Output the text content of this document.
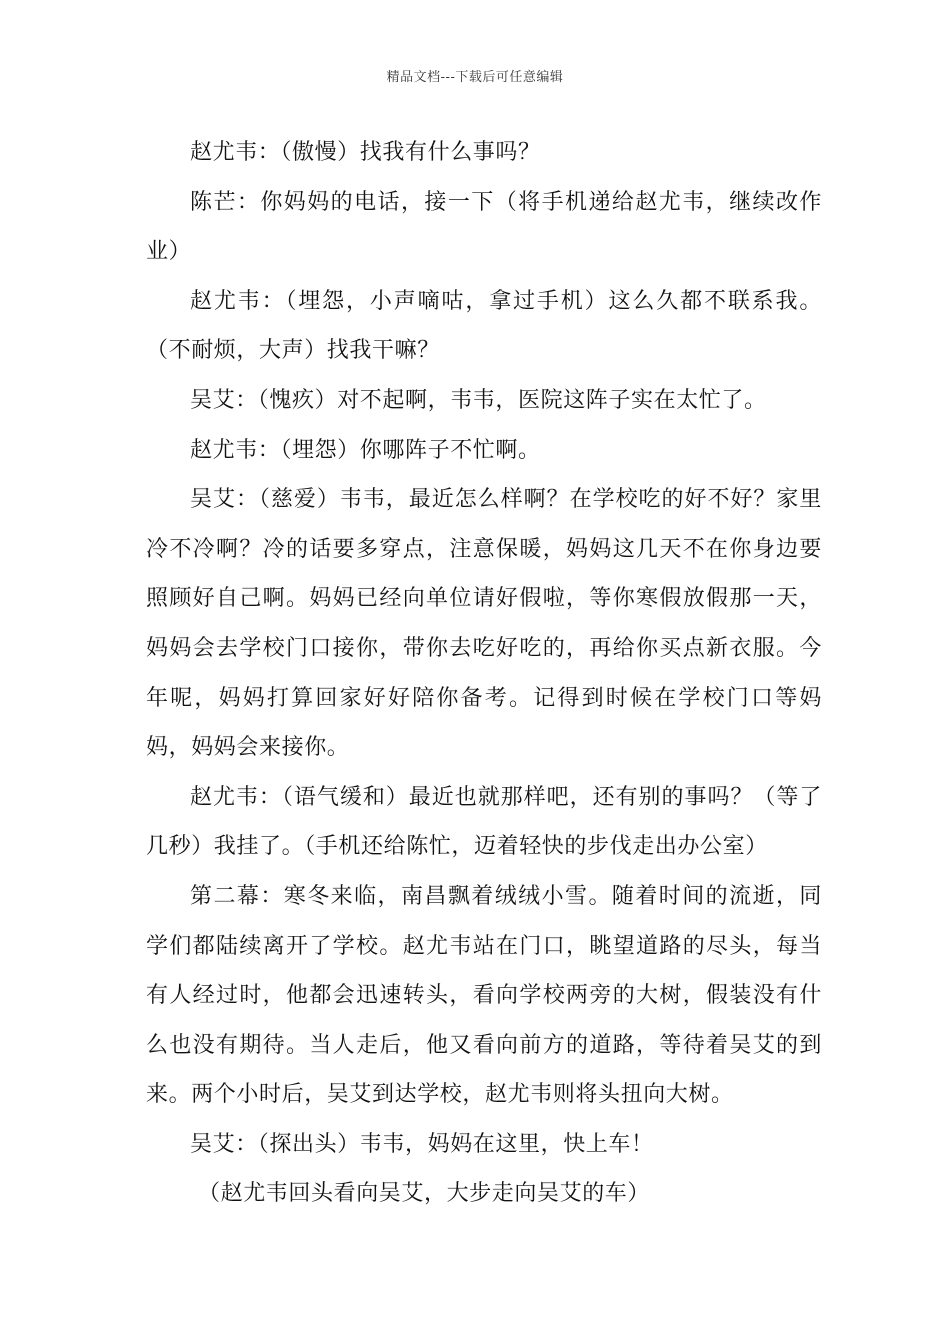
精品文档---下载后可任意编辑

赵尤韦：（傲慢）找我有什么事吗？

陈芒：你妈妈的电话，接一下（将手机递给赵尤韦，继续改作业）

赵尤韦：（埋怨，小声嘀咕，拿过手机）这么久都不联系我。（不耐烦，大声）找我干嘛？

吴艾：（愧疚）对不起啊，韦韦，医院这阵子实在太忙了。

赵尤韦：（埋怨）你哪阵子不忙啊。

吴艾：（慈爱）韦韦，最近怎么样啊？在学校吃的好不好？家里冷不冷啊？冷的话要多穿点，注意保暖，妈妈这几天不在你身边要照顾好自己啊。妈妈已经向单位请好假啦，等你寒假放假那一天，妈妈会去学校门口接你，带你去吃好吃的，再给你买点新衣服。今年呢，妈妈打算回家好好陪你备考。记得到时候在学校门口等妈妈，妈妈会来接你。

赵尤韦：（语气缓和）最近也就那样吧，还有别的事吗？（等了几秒）我挂了。（手机还给陈忙，迈着轻快的步伐走出办公室）

第二幕：寒冬来临，南昌飘着绒绒小雪。随着时间的流逝，同学们都陆续离开了学校。赵尤韦站在门口，眺望道路的尽头，每当有人经过时，他都会迅速转头，看向学校两旁的大树，假装没有什么也没有期待。当人走后，他又看向前方的道路，等待着吴艾的到来。两个小时后，吴艾到达学校，赵尤韦则将头扭向大树。

吴艾：（探出头）韦韦，妈妈在这里，快上车！

（赵尤韦回头看向吴艾，大步走向吴艾的车）
